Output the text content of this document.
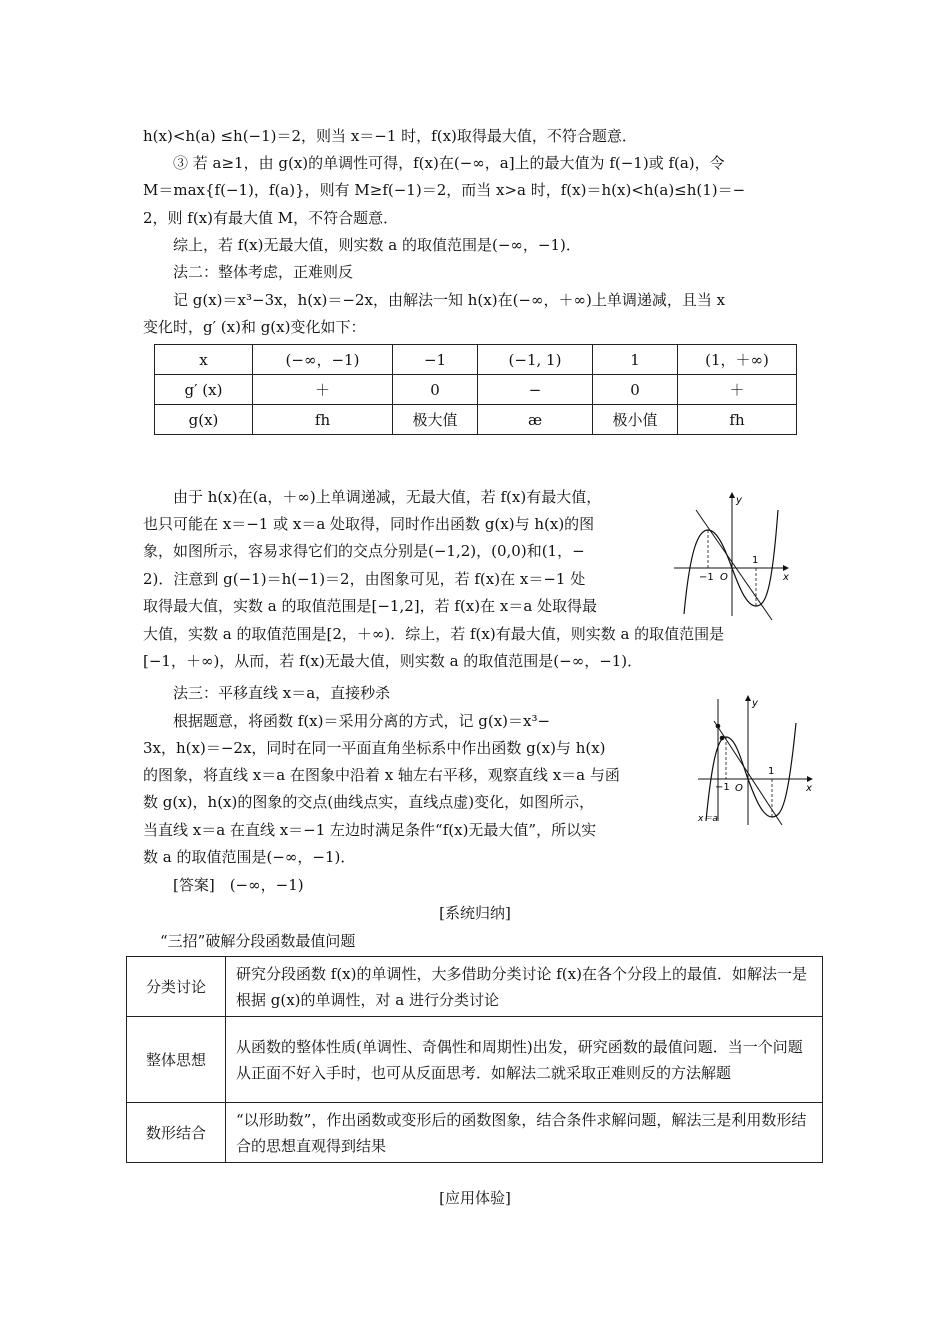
h(x)<h(a) ≤h(−1)＝2，则当 x＝−1 时，f(x)取得最大值，不符合题意．
　　③ 若 a≥1，由 g(x)的单调性可得，f(x)在(−∞，a]上的最大值为 f(−1)或 f(a)，令
M＝max{f(−1)，f(a)}，则有 M≥f(−1)＝2，而当 x>a 时，f(x)＝h(x)<h(a)≤h(1)＝−
2，则 f(x)有最大值 M，不符合题意．
　　综上，若 f(x)无最大值，则实数 a 的取值范围是(−∞，−1)．
　　法二：整体考虑，正难则反
　　记 g(x)＝x³−3x，h(x)＝−2x，由解法一知 h(x)在(−∞，＋∞)上单调递减，且当 x
变化时，g′ (x)和 g(x)变化如下：
x	(−∞，−1)	−1	(−1, 1)	1	(1，＋∞)
g′ (x)	＋	0	−	0	＋
g(x)	fh	极大值	æ	极小值	fh
　　由于 h(x)在(a，＋∞)上单调递减，无最大值，若 f(x)有最大值，
也只可能在 x＝−1 或 x＝a 处取得，同时作出函数 g(x)与 h(x)的图
象，如图所示，容易求得它们的交点分别是(−1,2)，(0,0)和(1，−
2)．注意到 g(−1)＝h(−1)＝2，由图象可见，若 f(x)在 x＝−1 处
取得最大值，实数 a 的取值范围是[−1,2]，若 f(x)在 x＝a 处取得最
大值，实数 a 的取值范围是[2，＋∞)．综上，若 f(x)有最大值，则实数 a 的取值范围是
[−1，＋∞)，从而，若 f(x)无最大值，则实数 a 的取值范围是(−∞，−1)．
y
x
O
−1
1
　　法三：平移直线 x＝a，直接秒杀
　　根据题意，将函数 f(x)＝采用分离的方式，记 g(x)＝x³−
3x，h(x)＝−2x，同时在同一平面直角坐标系中作出函数 g(x)与 h(x)
的图象，将直线 x＝a 在图象中沿着 x 轴左右平移，观察直线 x＝a 与函
数 g(x)，h(x)的图象的交点(曲线点实，直线点虚)变化，如图所示，
当直线 x＝a 在直线 x＝−1 左边时满足条件“f(x)无最大值”，所以实
数 a 的取值范围是(−∞，−1)．
y
x
O
−1
1
x＝a
　　[答案]　(−∞，−1)
[系统归纳]
“三招”破解分段函数最值问题
分类讨论	研究分段函数 f(x)的单调性，大多借助分类讨论 f(x)在各个分段上的最值．如解法一是根据 g(x)的单调性，对 a 进行分类讨论
整体思想	从函数的整体性质(单调性、奇偶性和周期性)出发，研究函数的最值问题．当一个问题从正面不好入手时，也可从反面思考．如解法二就采取正难则反的方法解题
数形结合	“以形助数”，作出函数或变形后的函数图象，结合条件求解问题，解法三是利用数形结合的思想直观得到结果
[应用体验]
